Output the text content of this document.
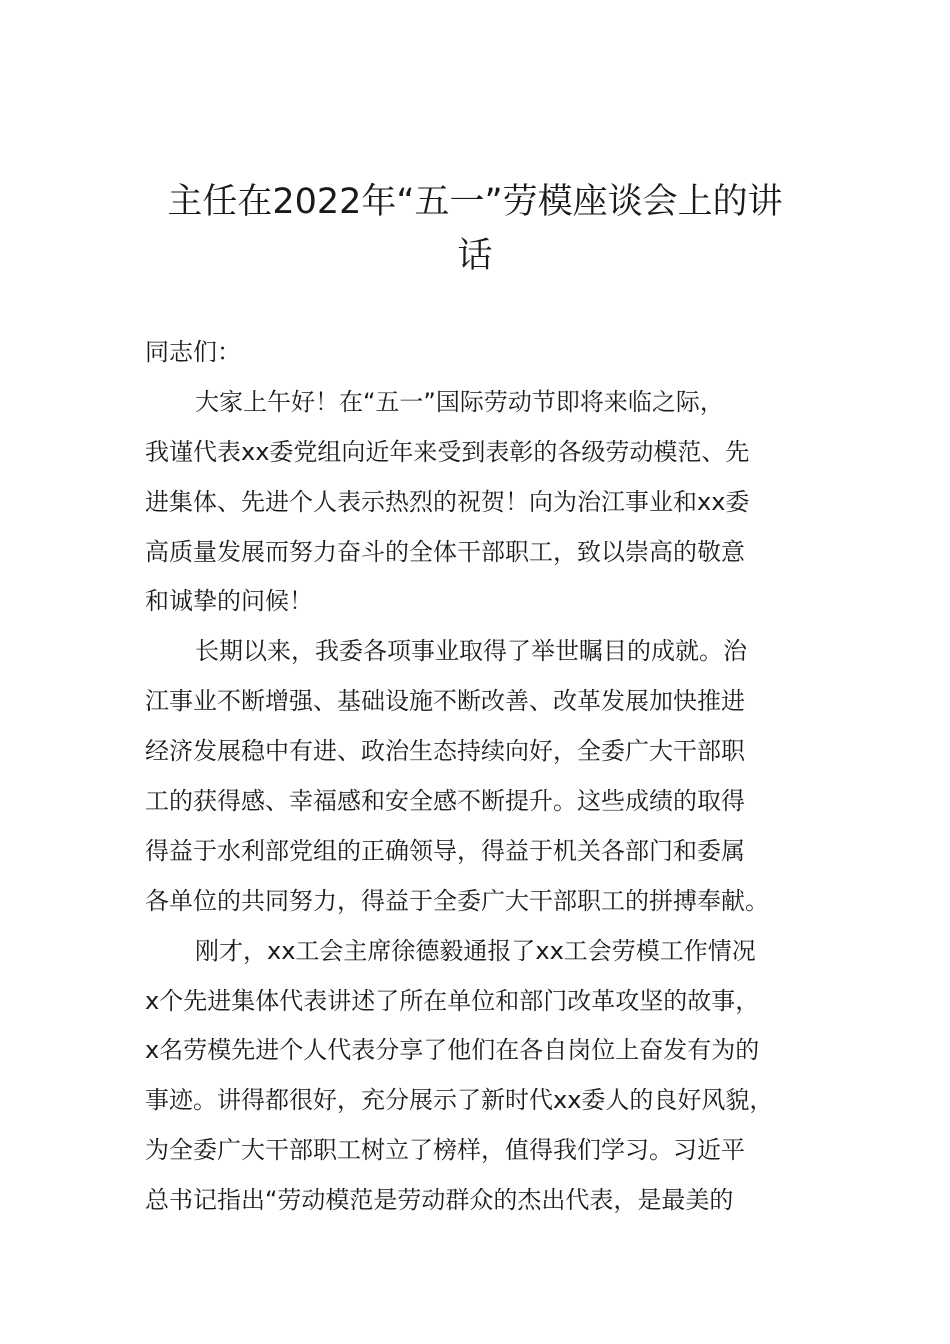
主任在2022年“五一”劳模座谈会上的讲
话
同志们：
大家上午好！在“五一”国际劳动节即将来临之际，
我谨代表xx委党组向近年来受到表彰的各级劳动模范、先
进集体、先进个人表示热烈的祝贺！向为治江事业和xx委
高质量发展而努力奋斗的全体干部职工，致以崇高的敬意
和诚挚的问候！
长期以来，我委各项事业取得了举世瞩目的成就。治
江事业不断增强、基础设施不断改善、改革发展加快推进
经济发展稳中有进、政治生态持续向好，全委广大干部职
工的获得感、幸福感和安全感不断提升。这些成绩的取得
得益于水利部党组的正确领导，得益于机关各部门和委属
各单位的共同努力，得益于全委广大干部职工的拼搏奉献。
刚才，xx工会主席徐德毅通报了xx工会劳模工作情况
x个先进集体代表讲述了所在单位和部门改革攻坚的故事，
x名劳模先进个人代表分享了他们在各自岗位上奋发有为的
事迹。讲得都很好，充分展示了新时代xx委人的良好风貌，
为全委广大干部职工树立了榜样，值得我们学习。习近平
总书记指出“劳动模范是劳动群众的杰出代表，是最美的
